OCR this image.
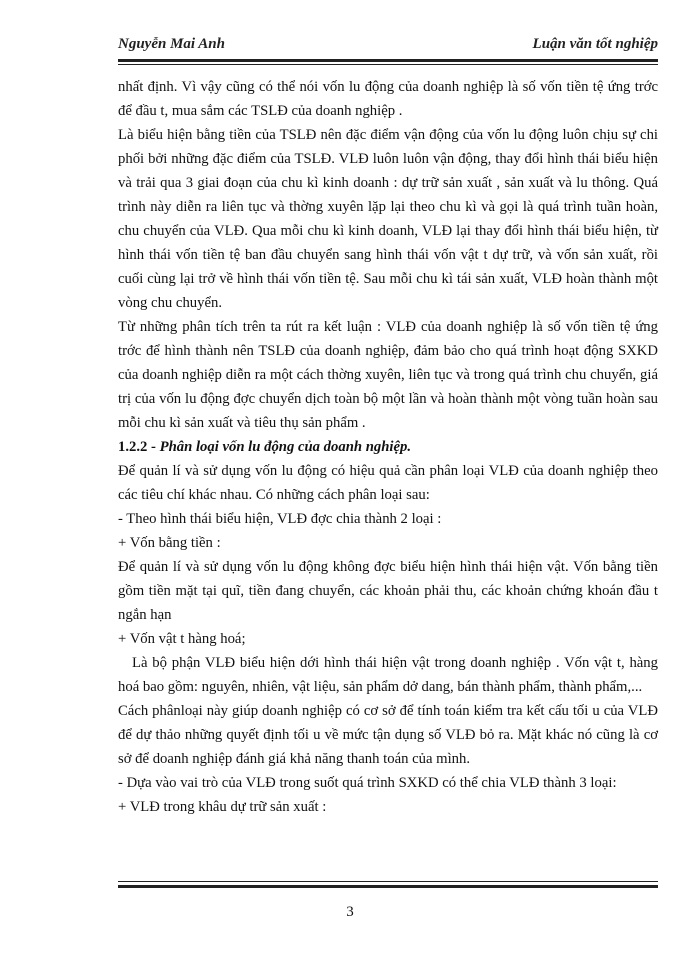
Nguyễn Mai Anh	Luận văn tốt nghiệp

nhất định. Vì vậy cũng có thể nói vốn lu động của doanh nghiệp là số vốn tiền tệ ứng trớc để đầu t, mua sắm các TSLĐ của doanh nghiệp .

Là biểu hiện bằng tiền của TSLĐ nên đặc điểm vận động của vốn lu động luôn chịu sự chi phối bởi những đặc điểm của TSLĐ. VLĐ luôn luôn vận động, thay đổi hình thái biểu hiện và trải qua 3 giai đoạn của chu kì kinh doanh : dự trữ sản xuất , sản xuất và lu thông. Quá trình này diễn ra liên tục và thờng xuyên lặp lại theo chu kì và gọi là quá trình tuần hoàn, chu chuyển của VLĐ. Qua mỗi chu kì kinh doanh, VLĐ lại thay đổi hình thái biểu hiện, từ hình thái vốn tiền tệ ban đầu chuyển sang hình thái vốn vật t dự trữ, và vốn sản xuất, rồi cuối cùng lại trở về hình thái vốn tiền tệ. Sau mỗi chu kì tái sản xuất, VLĐ hoàn thành một vòng chu chuyển.

Từ những phân tích trên ta rút ra kết luận : VLĐ của doanh nghiệp là số vốn tiền tệ ứng trớc để hình thành nên TSLĐ của doanh nghiệp, đảm bảo cho quá trình hoạt động SXKD của doanh nghiệp diễn ra một cách thờng xuyên, liên tục và trong quá trình chu chuyển, giá trị của vốn lu động đợc chuyển dịch toàn bộ một lần và hoàn thành một vòng tuần hoàn sau mỗi chu kì sản xuất và tiêu thụ sản phẩm .

1.2.2 - Phân loại vốn lu động của doanh nghiệp.

Để quản lí và sử dụng vốn lu động có hiệu quả cần phân loại VLĐ của doanh nghiệp theo các tiêu chí khác nhau. Có những cách phân loại sau:

- Theo hình thái biểu hiện, VLĐ đợc chia thành 2 loại :

+ Vốn bằng tiền :

Để quản lí và sử dụng vốn lu động không đợc biểu hiện hình thái hiện vật. Vốn bằng tiền gồm tiền mặt tại quĩ, tiền đang chuyển, các khoản phải thu, các khoản chứng khoán đầu t ngắn hạn

+ Vốn vật t hàng hoá;

Là bộ phận VLĐ biểu hiện dới hình thái hiện vật trong doanh nghiệp . Vốn vật t, hàng hoá bao gồm: nguyên, nhiên, vật liệu, sản phẩm dở dang, bán thành phẩm, thành phẩm,...

Cách phânloại này giúp doanh nghiệp có cơ sở để tính toán kiểm tra kết cấu tối u của VLĐ để dự thảo những quyết định tối u về mức tận dụng số VLĐ bỏ ra. Mặt khác nó cũng là cơ sở để doanh nghiệp đánh giá khả năng thanh toán của mình.

- Dựa vào vai trò của VLĐ trong suốt quá trình SXKD có thể chia VLĐ thành 3 loại:

+ VLĐ trong khâu dự trữ sản xuất :

3
